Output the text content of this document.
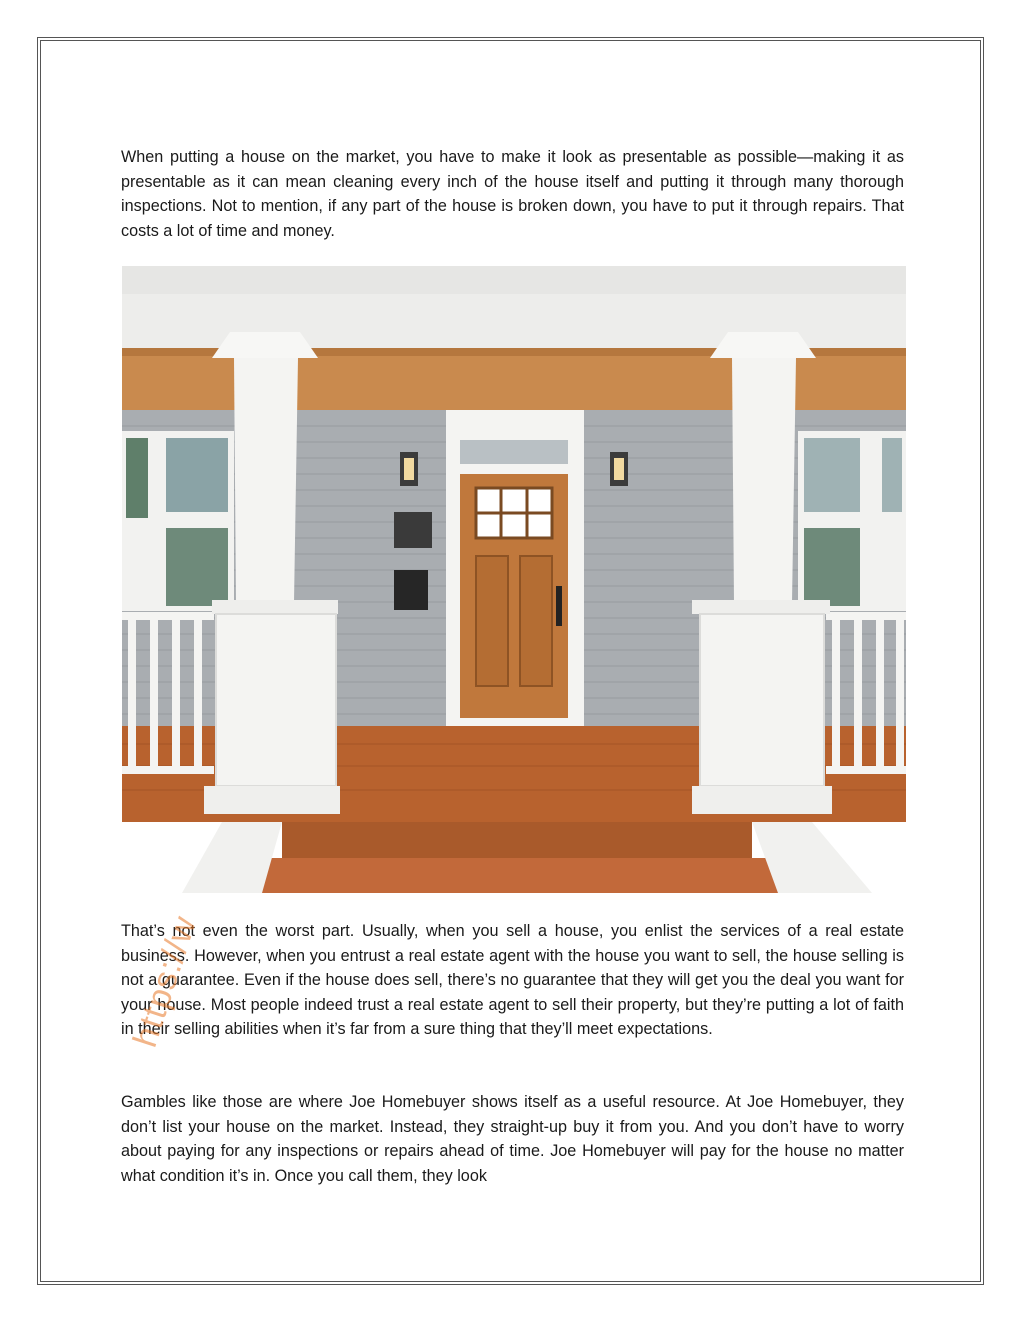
When putting a house on the market, you have to make it look as presentable as possible—making it as presentable as it can mean cleaning every inch of the house itself and putting it through many thorough inspections. Not to mention, if any part of the house is broken down, you have to put it through repairs. That costs a lot of time and money.

That’s not even the worst part. Usually, when you sell a house, you enlist the services of a real estate business. However, when you entrust a real estate agent with the house you want to sell, the house selling is not a guarantee. Even if the house does sell, there’s no guarantee that they will get you the deal you want for your house. Most people indeed trust a real estate agent to sell their property, but they’re putting a lot of faith in their selling abilities when it’s far from a sure thing that they’ll meet expectations.

Gambles like those are where Joe Homebuyer shows itself as a useful resource. At Joe Homebuyer, they don’t list your house on the market. Instead, they straight-up buy it from you. And you don’t have to worry about paying for any inspections or repairs ahead of time. Joe Homebuyer will pay for the house no matter what condition it’s in. Once you call them, they look

https://w
